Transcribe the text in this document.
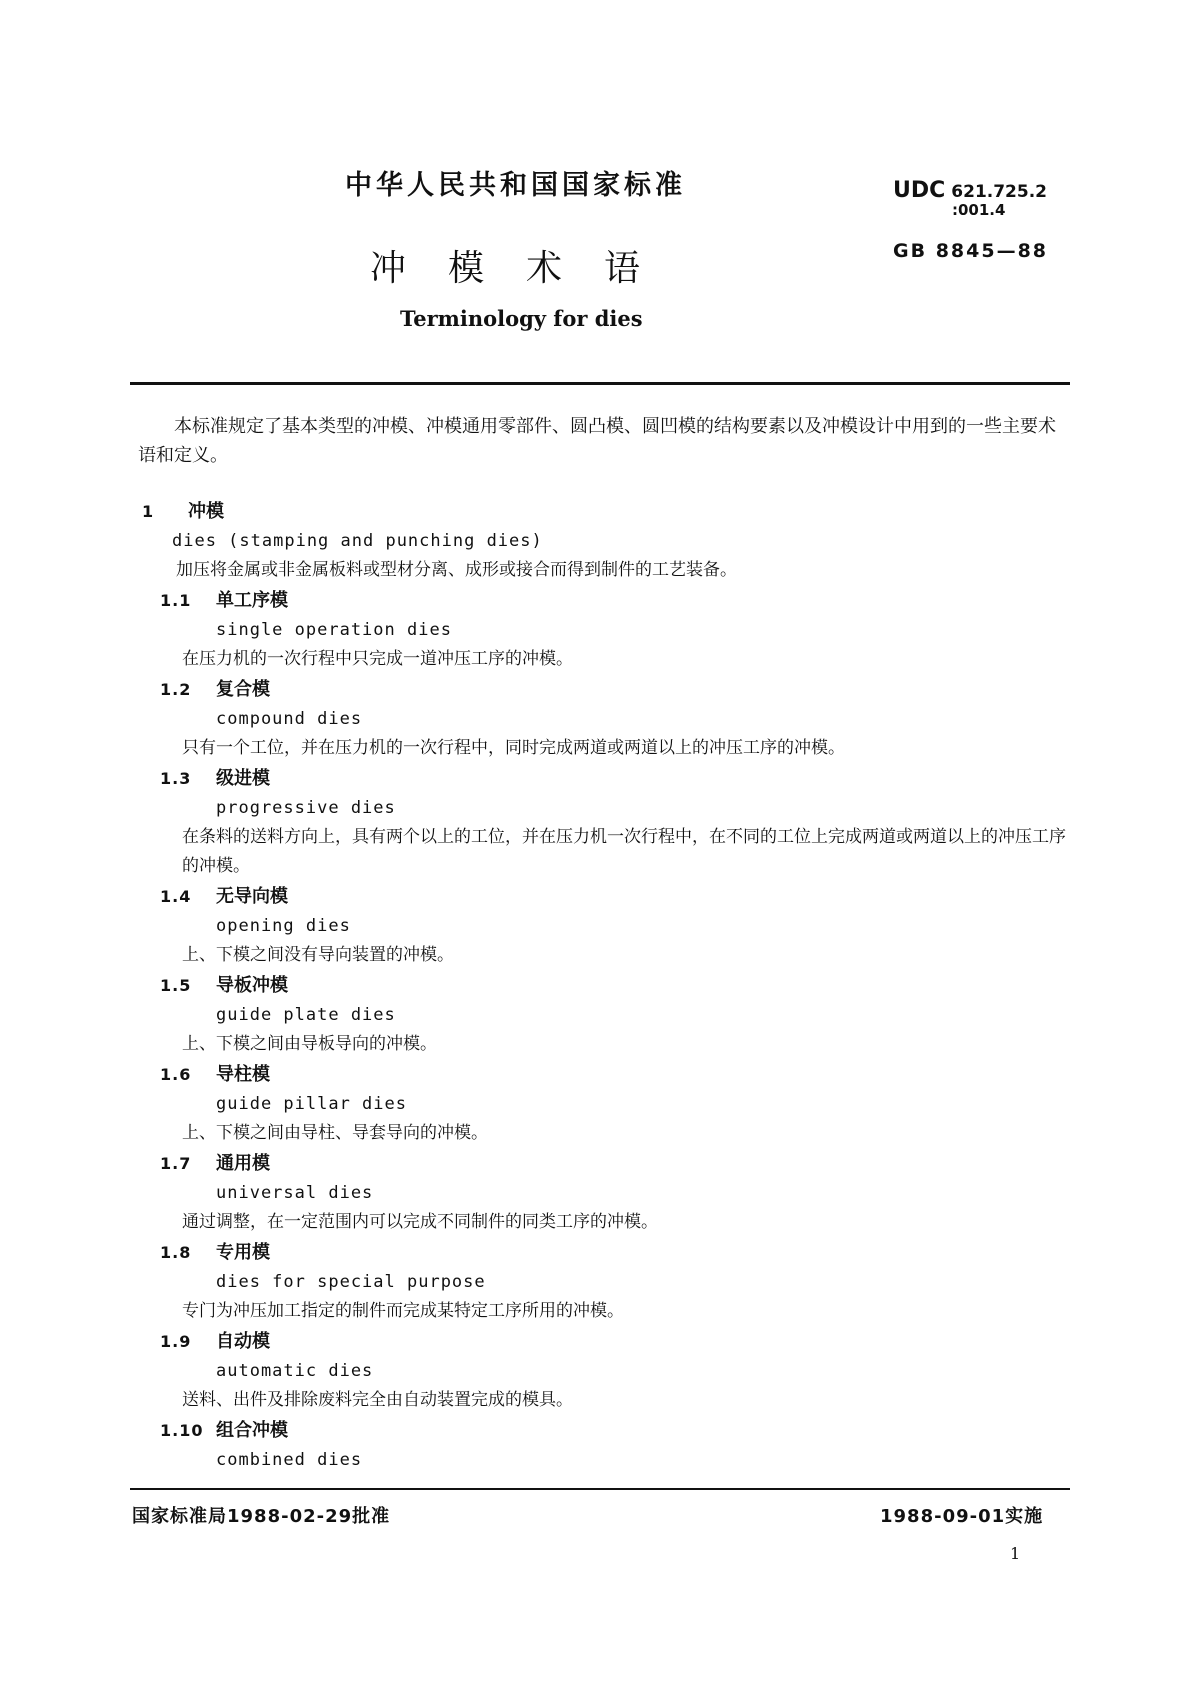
中华人民共和国国家标准
冲 模 术 语
Terminology for dies
UDC 621.725.2
:001.4
GB 8845—88

本标准规定了基本类型的冲模、冲模通用零部件、圆凸模、圆凹模的结构要素以及冲模设计中用到的一些主要术语和定义。

1	冲模
dies (stamping and punching dies)
加压将金属或非金属板料或型材分离、成形或接合而得到制件的工艺装备。
1.1	单工序模
single operation dies
在压力机的一次行程中只完成一道冲压工序的冲模。
1.2	复合模
compound dies
只有一个工位，并在压力机的一次行程中，同时完成两道或两道以上的冲压工序的冲模。
1.3	级进模
progressive dies
在条料的送料方向上，具有两个以上的工位，并在压力机一次行程中，在不同的工位上完成两道或两道以上的冲压工序的冲模。
1.4	无导向模
opening dies
上、下模之间没有导向装置的冲模。
1.5	导板冲模
guide plate dies
上、下模之间由导板导向的冲模。
1.6	导柱模
guide pillar dies
上、下模之间由导柱、导套导向的冲模。
1.7	通用模
universal dies
通过调整，在一定范围内可以完成不同制件的同类工序的冲模。
1.8	专用模
dies for special purpose
专门为冲压加工指定的制件而完成某特定工序所用的冲模。
1.9	自动模
automatic dies
送料、出件及排除废料完全由自动装置完成的模具。
1.10 组合冲模
combined dies
国家标准局1988-02-29批准	1988-09-01实施
1
